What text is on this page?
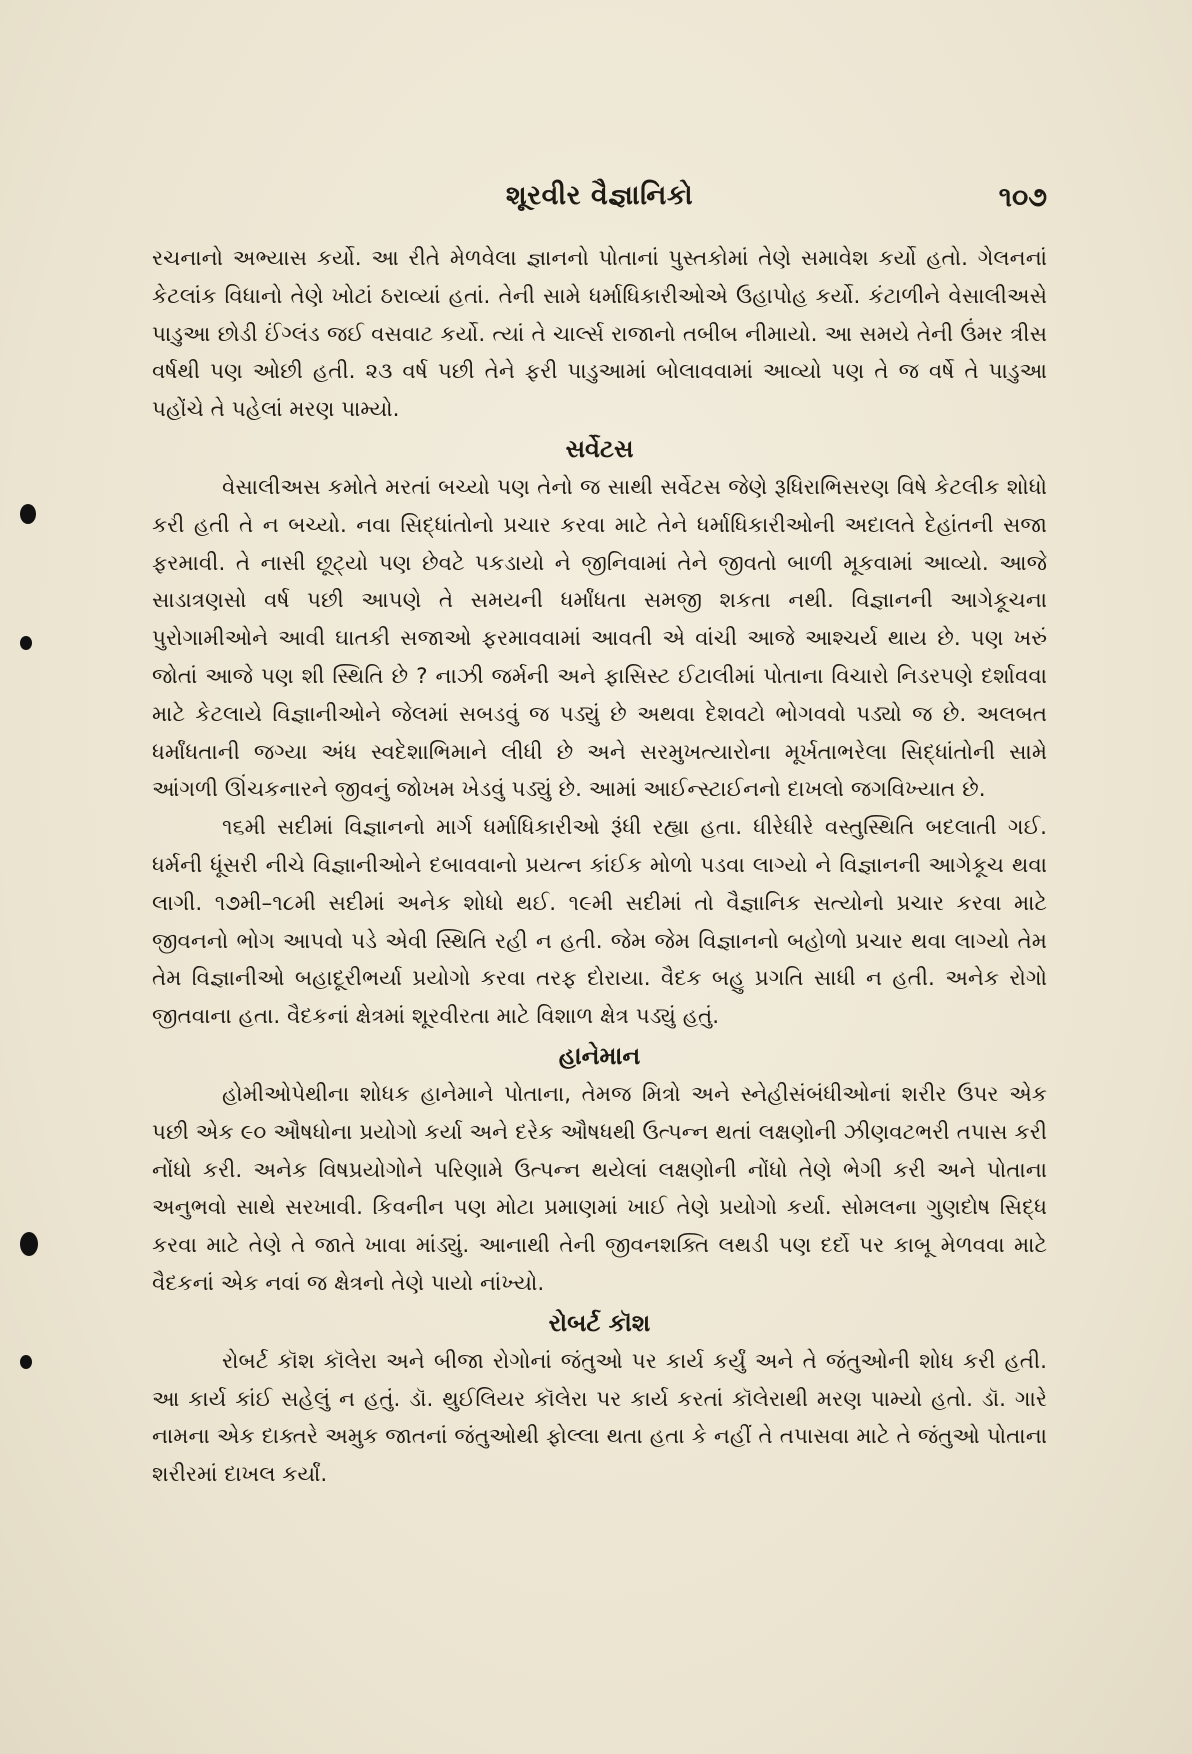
શૂરવીર વૈજ્ઞાનિકો	૧૦૭

રચનાનો અભ્યાસ કર્યો. આ રીતે મેળવેલા જ્ઞાનનો પોતાનાં પુસ્તકોમાં તેણે સમાવેશ કર્યો હતો. ગેલનનાં કેટલાંક વિધાનો તેણે ખોટાં ઠરાવ્યાં હતાં. તેની સામે ધર્માધિકારીઓએ ઉહાપોહ કર્યો. કંટાળીને વેસાલીઅસે પાડુઆ છોડી ઈંગ્લંડ જઈ વસવાટ કર્યો. ત્યાં તે ચાર્લ્સ રાજાનો તબીબ નીમાયો. આ સમયે તેની ઉંમર ત્રીસ વર્ષથી પણ ઓછી હતી. ૨૩ વર્ષ પછી તેને ફરી પાડુઆમાં બોલાવવામાં આવ્યો પણ તે જ વર્ષે તે પાડુઆ પહોંચે તે પહેલાં મરણ પામ્યો.

સર્વેટસ

વેસાલીઅસ કમોતે મરતાં બચ્યો પણ તેનો જ સાથી સર્વેટસ જેણે રૂધિરાભિસરણ વિષે કેટલીક શોધો કરી હતી તે ન બચ્યો. નવા સિદ્ધાંતોનો પ્રચાર કરવા માટે તેને ધર્માધિકારીઓની અદાલતે દેહાંતની સજા ફરમાવી. તે નાસી છૂટ્યો પણ છેવટે પકડાયો ને જીનિવામાં તેને જીવતો બાળી મૂકવામાં આવ્યો. આજે સાડાત્રણસો વર્ષ પછી આપણે તે સમયની ધર્માંધતા સમજી શકતા નથી. વિજ્ઞાનની આગેકૂચના પુરોગામીઓને આવી ઘાતકી સજાઓ ફરમાવવામાં આવતી એ વાંચી આજે આશ્ચર્ય થાય છે. પણ ખરું જોતાં આજે પણ શી સ્થિતિ છે ? નાઝી જર્મની અને ફાસિસ્ટ ઈટાલીમાં પોતાના વિચારો નિડરપણે દર્શાવવા માટે કેટલાયે વિજ્ઞાનીઓને જેલમાં સબડવું જ પડ્યું છે અથવા દેશવટો ભોગવવો પડ્યો જ છે. અલબત ધર્માંધતાની જગ્યા અંધ સ્વદેશાભિમાને લીધી છે અને સરમુખત્યારોના મૂર્ખતાભરેલા સિદ્ધાંતોની સામે આંગળી ઊંચકનારને જીવનું જોખમ ખેડવું પડ્યું છે. આમાં આઈન્સ્ટાઈનનો દાખલો જગવિખ્યાત છે.

૧૬મી સદીમાં વિજ્ઞાનનો માર્ગ ધર્માધિકારીઓ રૂંધી રહ્યા હતા. ધીરેધીરે વસ્તુસ્થિતિ બદલાતી ગઈ. ધર્મની ધૂંસરી નીચે વિજ્ઞાનીઓને દબાવવાનો પ્રયત્ન કાંઈક મોળો પડવા લાગ્યો ને વિજ્ઞાનની આગેકૂચ થવા લાગી. ૧૭મી–૧૮મી સદીમાં અનેક શોધો થઈ. ૧૯મી સદીમાં તો વૈજ્ઞાનિક સત્યોનો પ્રચાર કરવા માટે જીવનનો ભોગ આપવો પડે એવી સ્થિતિ રહી ન હતી. જેમ જેમ વિજ્ઞાનનો બહોળો પ્રચાર થવા લાગ્યો તેમ તેમ વિજ્ઞાનીઓ બહાદૂરીભર્યા પ્રયોગો કરવા તરફ દોરાયા. વૈદક બહુ પ્રગતિ સાધી ન હતી. અનેક રોગો જીતવાના હતા. વૈદકનાં ક્ષેત્રમાં શૂરવીરતા માટે વિશાળ ક્ષેત્ર પડ્યું હતું.

હાનેમાન

હોમીઓપેથીના શોધક હાનેમાને પોતાના, તેમજ મિત્રો અને સ્નેહીસંબંધીઓનાં શરીર ઉપર એક પછી એક ૯૦ ઔષધોના પ્રયોગો કર્યા અને દરેક ઔષધથી ઉત્પન્ન થતાં લક્ષણોની ઝીણવટભરી તપાસ કરી નોંધો કરી. અનેક વિષપ્રયોગોને પરિણામે ઉત્પન્ન થયેલાં લક્ષણોની નોંધો તેણે ભેગી કરી અને પોતાના અનુભવો સાથે સરખાવી. કિવનીન પણ મોટા પ્રમાણમાં ખાઈ તેણે પ્રયોગો કર્યા. સોમલના ગુણદોષ સિદ્ધ કરવા માટે તેણે તે જાતે ખાવા માંડ્યું. આનાથી તેની જીવનશક્તિ લથડી પણ દર્દો પર કાબૂ મેળવવા માટે વૈદકનાં એક નવાં જ ક્ષેત્રનો તેણે પાયો નાંખ્યો.

રોબર્ટ કૉશ

રોબર્ટ કૉશ કૉલેરા અને બીજા રોગોનાં જંતુઓ પર કાર્ય કર્યું અને તે જંતુઓની શોધ કરી હતી. આ કાર્ય કાંઈ સહેલું ન હતું. ડૉ. થુઈલિયર કૉલેરા પર કાર્ય કરતાં કૉલેરાથી મરણ પામ્યો હતો. ડૉ. ગારે નામના એક દાક્તરે અમુક જાતનાં જંતુઓથી ફોલ્લા થતા હતા કે નહીં તે તપાસવા માટે તે જંતુઓ પોતાના શરીરમાં દાખલ કર્યાં.
